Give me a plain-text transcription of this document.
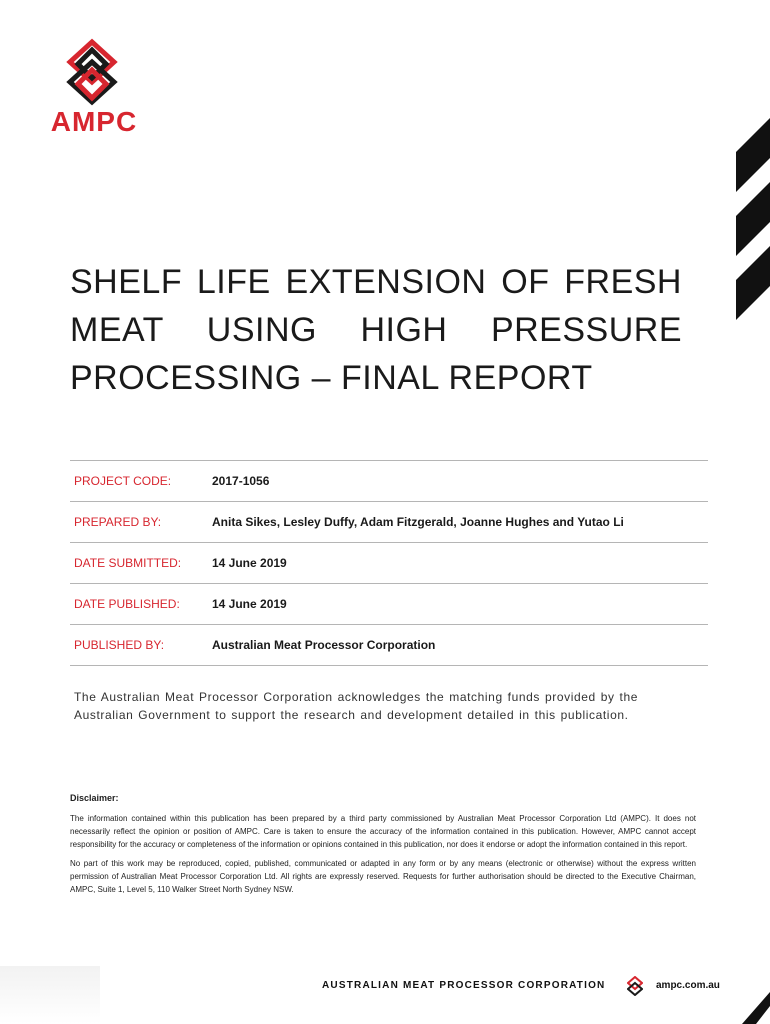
AMPC
SHELF LIFE EXTENSION OF FRESH MEAT USING HIGH PRESSURE PROCESSING – FINAL REPORT
PROJECT CODE:	2017-1056
PREPARED BY:	Anita Sikes, Lesley Duffy, Adam Fitzgerald, Joanne Hughes and Yutao Li
DATE SUBMITTED:	14 June 2019
DATE PUBLISHED:	14 June 2019
PUBLISHED BY:	Australian Meat Processor Corporation

The Australian Meat Processor Corporation acknowledges the matching funds provided by the Australian Government to support the research and development detailed in this publication.

Disclaimer:

The information contained within this publication has been prepared by a third party commissioned by Australian Meat Processor Corporation Ltd (AMPC). It does not necessarily reflect the opinion or position of AMPC. Care is taken to ensure the accuracy of the information contained in this publication. However, AMPC cannot accept responsibility for the accuracy or completeness of the information or opinions contained in this publication, nor does it endorse or adopt the information contained in this report.

No part of this work may be reproduced, copied, published, communicated or adapted in any form or by any means (electronic or otherwise) without the express written permission of Australian Meat Processor Corporation Ltd. All rights are expressly reserved. Requests for further authorisation should be directed to the Executive Chairman, AMPC, Suite 1, Level 5, 110 Walker Street North Sydney NSW.

AUSTRALIAN MEAT PROCESSOR CORPORATION	ampc.com.au
